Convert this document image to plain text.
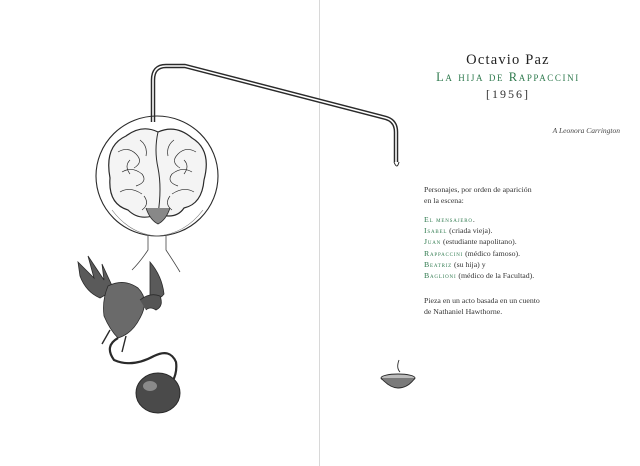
Octavio Paz
La hija de Rappaccini
[1956]
A Leonora Carrington
Personajes, por orden de aparición
en la escena:
El mensajero.
Isabel (criada vieja).
Juan (estudiante napolitano).
Rappaccini (médico famoso).
Beatriz (su hija) y
Baglioni (médico de la Facultad).
Pieza en un acto basada en un cuento
de Nathaniel Hawthorne.
